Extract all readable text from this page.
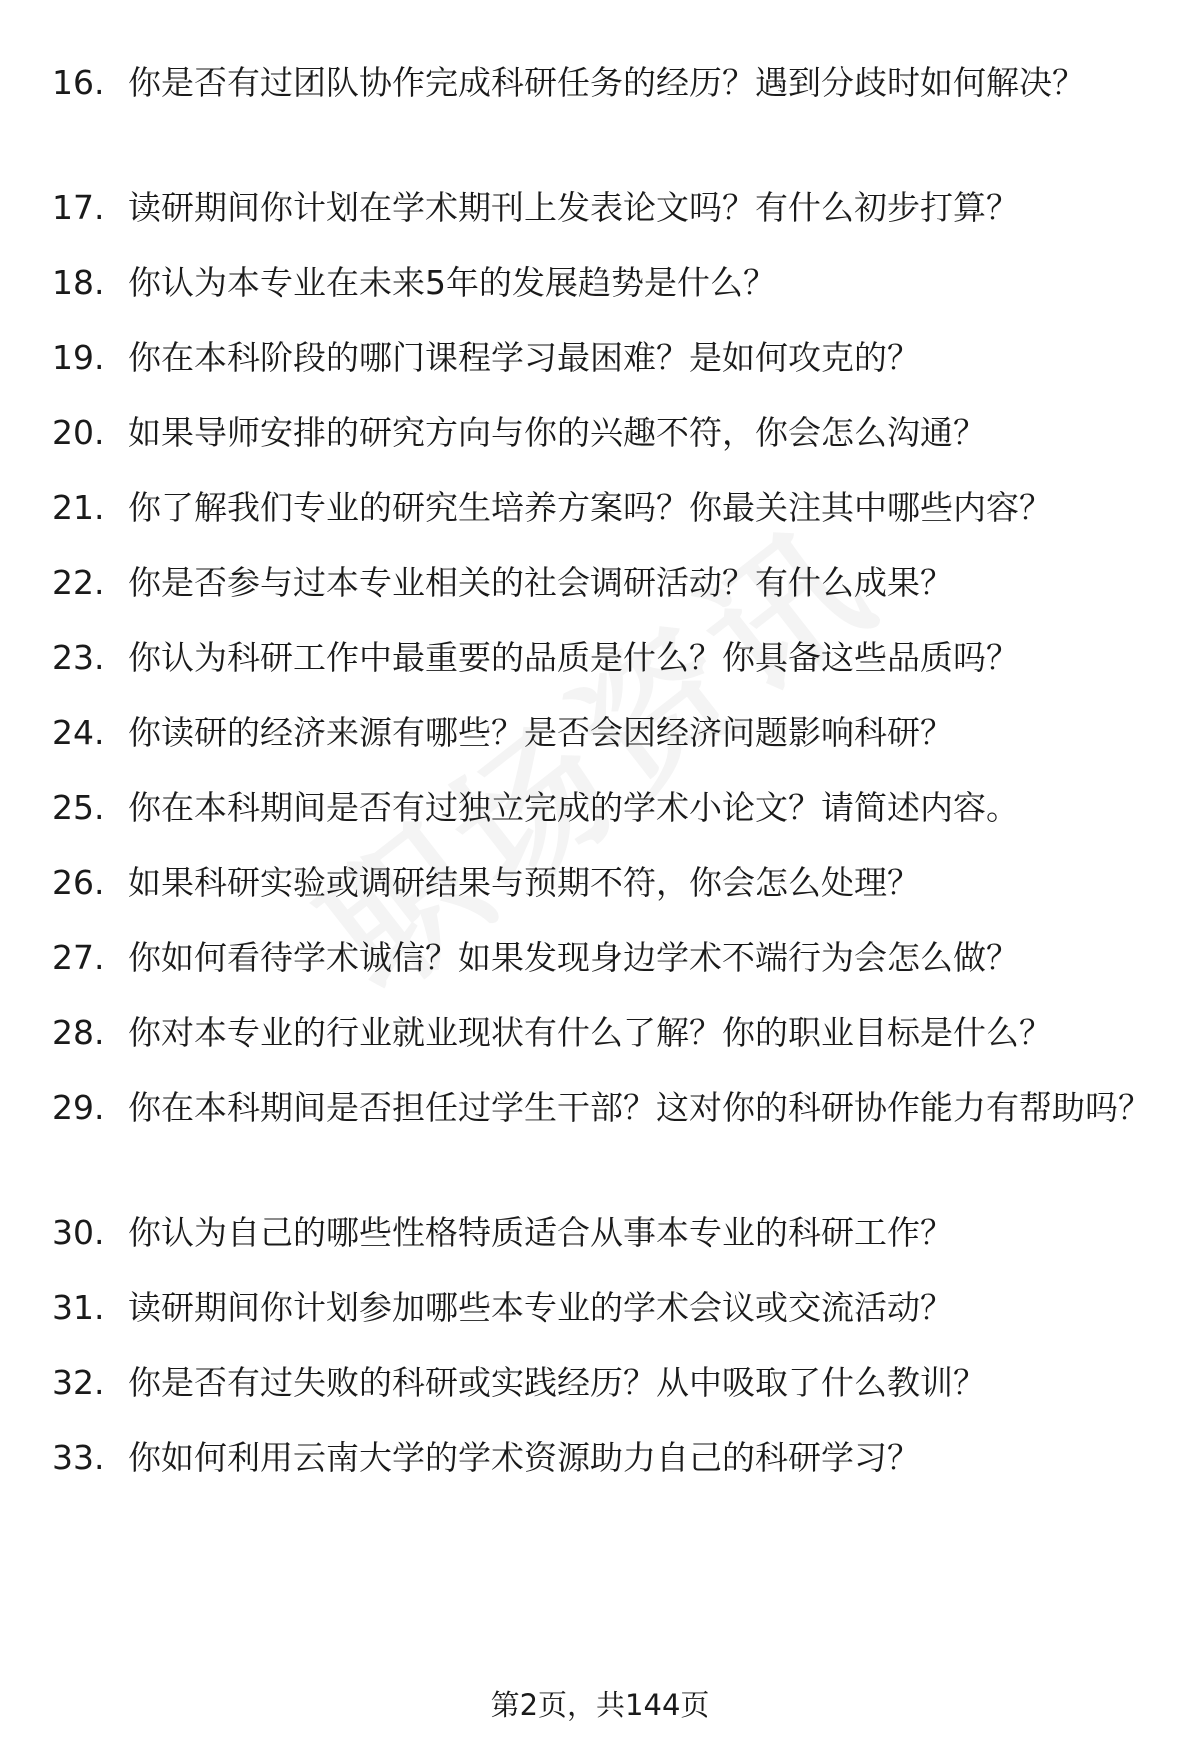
16. 你是否有过团队协作完成科研任务的经历？遇到分歧时如何解决？
17. 读研期间你计划在学术期刊上发表论文吗？有什么初步打算？
18. 你认为本专业在未来5年的发展趋势是什么？
19. 你在本科阶段的哪门课程学习最困难？是如何攻克的？
20. 如果导师安排的研究方向与你的兴趣不符，你会怎么沟通？
21. 你了解我们专业的研究生培养方案吗？你最关注其中哪些内容？
22. 你是否参与过本专业相关的社会调研活动？有什么成果？
23. 你认为科研工作中最重要的品质是什么？你具备这些品质吗？
24. 你读研的经济来源有哪些？是否会因经济问题影响科研？
25. 你在本科期间是否有过独立完成的学术小论文？请简述内容。
26. 如果科研实验或调研结果与预期不符，你会怎么处理？
27. 你如何看待学术诚信？如果发现身边学术不端行为会怎么做？
28. 你对本专业的行业就业现状有什么了解？你的职业目标是什么？
29. 你在本科期间是否担任过学生干部？这对你的科研协作能力有帮助吗？
30. 你认为自己的哪些性格特质适合从事本专业的科研工作？
31. 读研期间你计划参加哪些本专业的学术会议或交流活动？
32. 你是否有过失败的科研或实践经历？从中吸取了什么教训？
33. 你如何利用云南大学的学术资源助力自己的科研学习？
第2页，共144页
